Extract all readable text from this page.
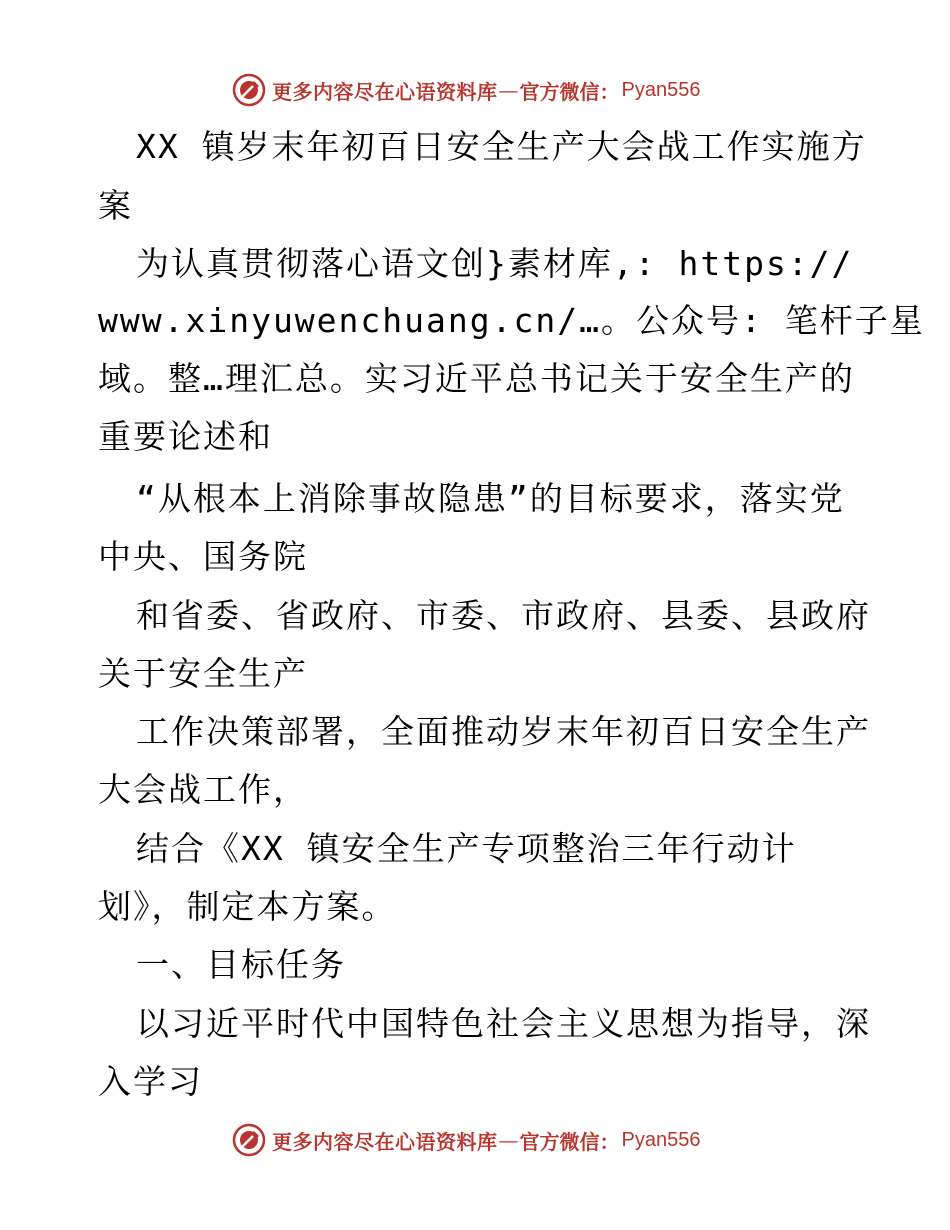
更多内容尽在心语资料库 — 官方微信： Pyan556
XX 镇岁末年初百日安全生产大会战工作实施方
案
为认真贯彻落心语文创}素材库,: https://
www.xinyuwenchuang.cn/…。公众号: 笔杆子星
域。整…理汇总。实习近平总书记关于安全生产的
重要论述和
“从根本上消除事故隐患”的目标要求，落实党
中央、国务院
和省委、省政府、市委、市政府、县委、县政府
关于安全生产
工作决策部署，全面推动岁末年初百日安全生产
大会战工作，
结合《XX 镇安全生产专项整治三年行动计
划》，制定本方案。
一、目标任务
以习近平时代中国特色社会主义思想为指导，深
入学习
更多内容尽在心语资料库 — 官方微信： Pyan556
